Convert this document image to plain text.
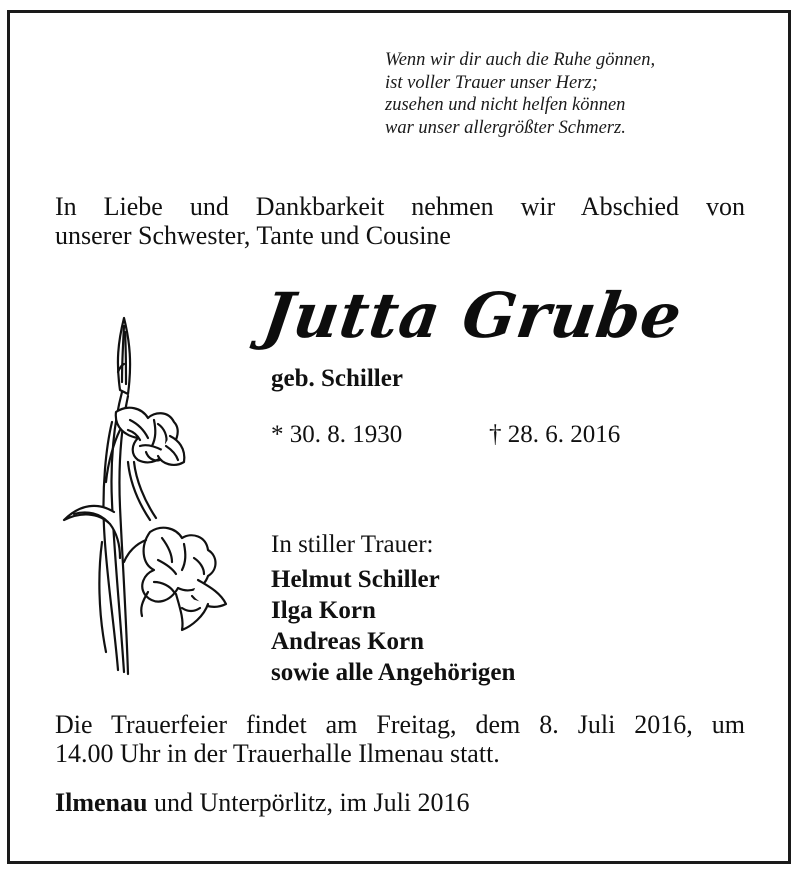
Wenn wir dir auch die Ruhe gönnen,
ist voller Trauer unser Herz;
zusehen und nicht helfen können
war unser allergrößter Schmerz.
In Liebe und Dankbarkeit nehmen wir Abschied von
unserer Schwester, Tante und Cousine
Jutta Grube
geb. Schiller
* 30. 8. 1930	† 28. 6. 2016
In stiller Trauer:
Helmut Schiller
Ilga Korn
Andreas Korn
sowie alle Angehörigen
Die Trauerfeier findet am Freitag, dem 8. Juli 2016, um
14.00 Uhr in der Trauerhalle Ilmenau statt.
Ilmenau und Unterpörlitz, im Juli 2016
